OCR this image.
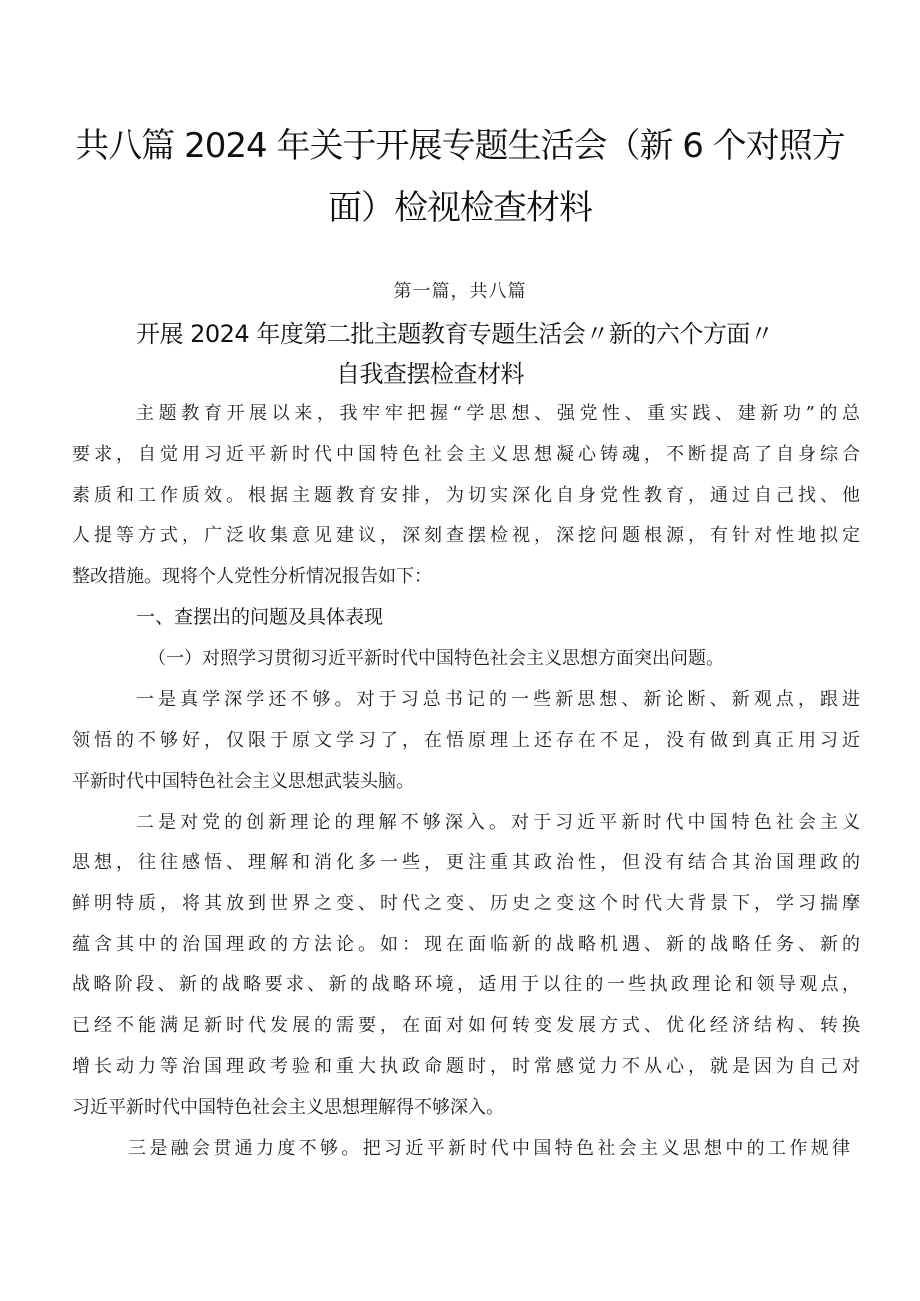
共八篇 2024 年关于开展专题生活会（新 6 个对照方
面）检视检查材料
第一篇，共八篇
开展 2024 年度第二批主题教育专题生活会〃新的六个方面〃
自我查摆检查材料
主题教育开展以来，我牢牢把握“学思想、强党性、重实践、建新功”的总
要求，自觉用习近平新时代中国特色社会主义思想凝心铸魂，不断提高了自身综合
素质和工作质效。根据主题教育安排，为切实深化自身党性教育，通过自己找、他
人提等方式，广泛收集意见建议，深刻查摆检视，深挖问题根源，有针对性地拟定
整改措施。现将个人党性分析情况报告如下：
一、查摆出的问题及具体表现
（一）对照学习贯彻习近平新时代中国特色社会主义思想方面突出问题。
一是真学深学还不够。对于习总书记的一些新思想、新论断、新观点，跟进
领悟的不够好，仅限于原文学习了，在悟原理上还存在不足，没有做到真正用习近
平新时代中国特色社会主义思想武装头脑。
二是对党的创新理论的理解不够深入。对于习近平新时代中国特色社会主义
思想，往往感悟、理解和消化多一些，更注重其政治性，但没有结合其治国理政的
鲜明特质，将其放到世界之变、时代之变、历史之变这个时代大背景下，学习揣摩
蕴含其中的治国理政的方法论。如：现在面临新的战略机遇、新的战略任务、新的
战略阶段、新的战略要求、新的战略环境，适用于以往的一些执政理论和领导观点，
已经不能满足新时代发展的需要，在面对如何转变发展方式、优化经济结构、转换
增长动力等治国理政考验和重大执政命题时，时常感觉力不从心，就是因为自己对
习近平新时代中国特色社会主义思想理解得不够深入。
三是融会贯通力度不够。把习近平新时代中国特色社会主义思想中的工作规律
